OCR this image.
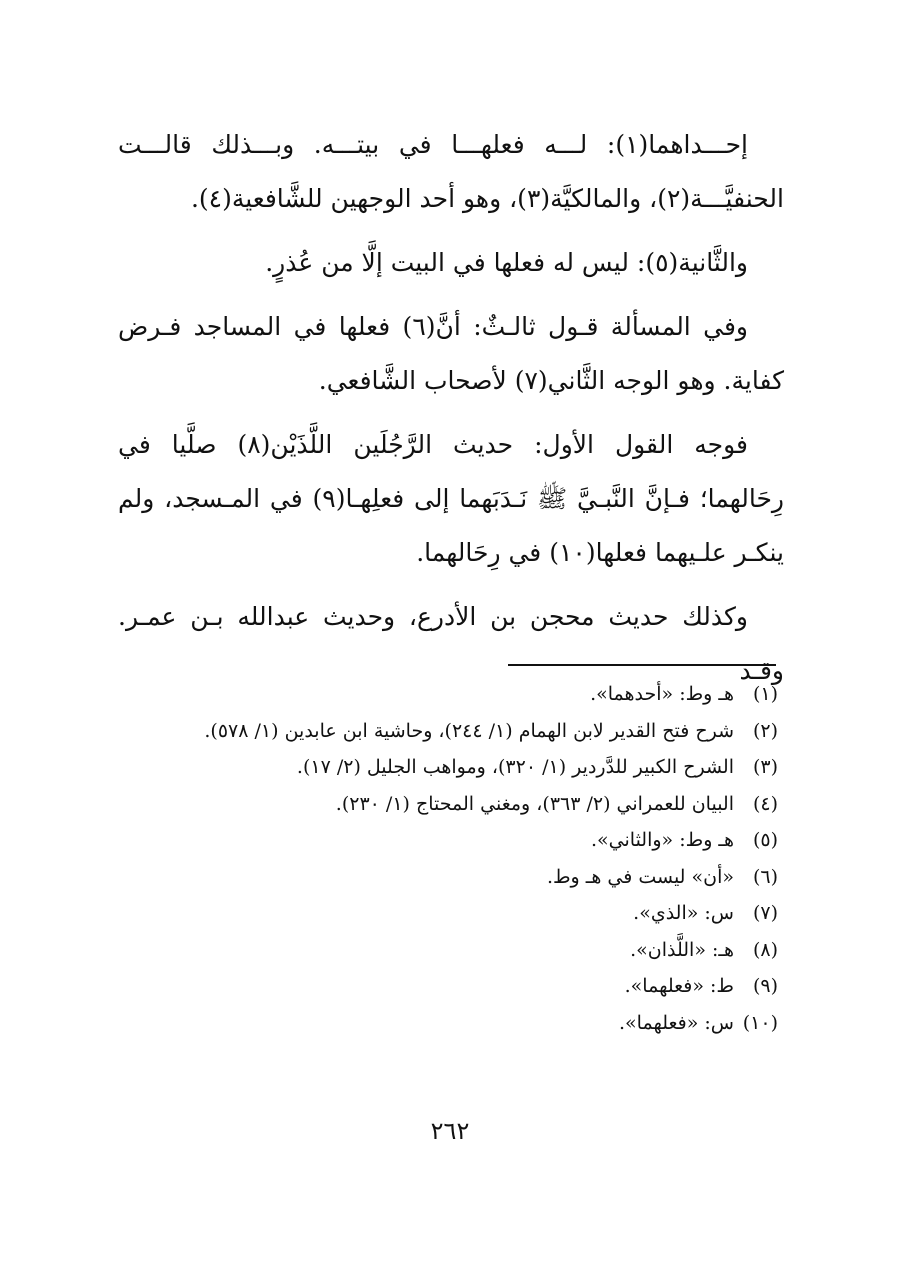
إحـــداهما(١): لـــه فعلهـــا في بيتـــه. وبـــذلك قالـــت الحنفيَّـــة(٢)، والمالكيَّة(٣)، وهو أحد الوجهين للشَّافعية(٤).

والثَّانية(٥): ليس له فعلها في البيت إلَّا من عُذرٍ.

وفي المسألة قـول ثالـثٌ: أنَّ(٦) فعلها في المساجد فـرض كفاية. وهو الوجه الثَّاني(٧) لأصحاب الشَّافعي.

فوجه القول الأول: حديث الرَّجُلَين اللَّذَيْن(٨) صلَّيا في رِحَالهما؛ فـإنَّ النَّبـيَّ ﷺ نَـدَبَهما إلى فعلِهـا(٩) في المـسجد، ولم ينكـر علـيهما فعلها(١٠) في رِحَالهما.

وكذلك حديث محجن بن الأدرع، وحديث عبدالله بـن عمـر. وقـد

(١)هـ وط: «أحدهما».
(٢)شرح فتح القدير لابن الهمام (١/ ٢٤٤)، وحاشية ابن عابدين (١/ ٥٧٨).
(٣)الشرح الكبير للدَّردير (١/ ٣٢٠)، ومواهب الجليل (٢/ ١٧).
(٤)البيان للعمراني (٢/ ٣٦٣)، ومغني المحتاج (١/ ٢٣٠).
(٥)هـ وط: «والثاني».
(٦)«أن» ليست في هـ وط.
(٧)س: «الذي».
(٨)هـ: «اللَّذان».
(٩)ط: «فعلهما».
(١٠)س: «فعلهما».
٢٦٢
